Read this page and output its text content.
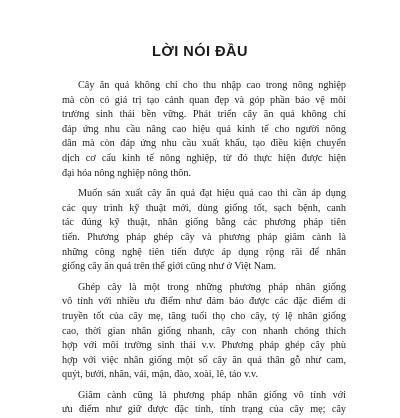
LỜI NÓI ĐẦU
Cây ăn quả không chỉ cho thu nhập cao trong nông nghiệp
mà còn có giá trị tạo cảnh quan đẹp và góp phần bảo vệ môi
trường sinh thái bền vững. Phát triển cây ăn quả không chỉ
đáp ứng nhu cầu nâng cao hiệu quả kinh tế cho người nông
dân mà còn đáp ứng nhu cầu xuất khẩu, tạo điều kiện chuyển
dịch cơ cấu kinh tế nông nghiệp, từ đó thực hiện được hiện
đại hóa nông nghiệp nông thôn.
Muốn sản xuất cây ăn quả đạt hiệu quả cao thì cần áp dụng
các quy trình kỹ thuật mới, dùng giống tốt, sạch bệnh, canh
tác đúng kỹ thuật, nhân giống bằng các phương pháp tiên
tiến. Phương pháp ghép cây và phương pháp giâm cành là
những công nghệ tiên tiến được áp dụng rộng rãi để nhân
giống cây ăn quả trên thế giới cũng như ở Việt Nam.
Ghép cây là một trong những phương pháp nhân giống
vô tính với nhiều ưu điểm như đảm bảo được các đặc điểm di
truyền tốt của cây mẹ, tăng tuổi thọ cho cây, tỷ lệ nhân giống
cao, thời gian nhân giống nhanh, cây con nhanh chóng thích
hợp với môi trường sinh thái v.v. Phương pháp ghép cây phù
hợp với việc nhân giống một số cây ăn quả thân gỗ như cam,
quýt, bưởi, nhãn, vải, mận, đào, xoài, lê, táo v.v.
Giâm cành cũng là phương pháp nhân giống vô tính với
ưu điểm như giữ được đặc tính, tính trạng của cây mẹ; cây
